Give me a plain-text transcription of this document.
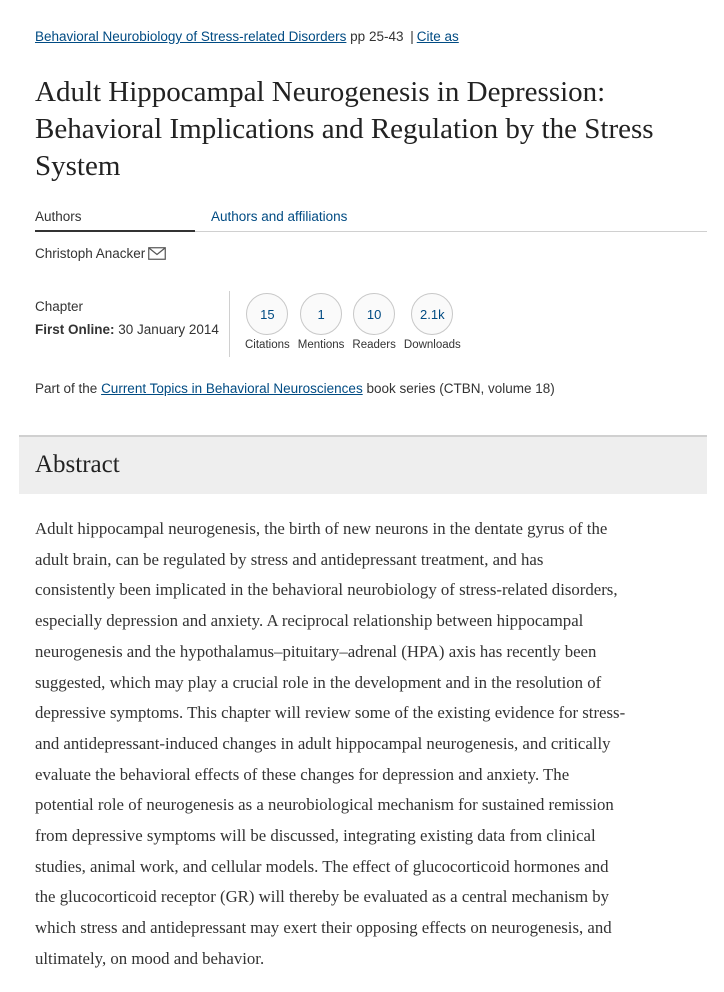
Behavioral Neurobiology of Stress-related Disorders pp 25-43 | Cite as
Adult Hippocampal Neurogenesis in Depression:
Behavioral Implications and Regulation by the Stress
System
Authors	Authors and affiliations
Christoph Anacker
Chapter
First Online: 30 January 2014
15
Citations
1
Mentions
10
Readers
2.1k
Downloads
Part of the Current Topics in Behavioral Neurosciences book series (CTBN, volume 18)
Abstract
Adult hippocampal neurogenesis, the birth of new neurons in the dentate gyrus of the
adult brain, can be regulated by stress and antidepressant treatment, and has
consistently been implicated in the behavioral neurobiology of stress-related disorders,
especially depression and anxiety. A reciprocal relationship between hippocampal
neurogenesis and the hypothalamus–pituitary–adrenal (HPA) axis has recently been
suggested, which may play a crucial role in the development and in the resolution of
depressive symptoms. This chapter will review some of the existing evidence for stress-
and antidepressant-induced changes in adult hippocampal neurogenesis, and critically
evaluate the behavioral effects of these changes for depression and anxiety. The
potential role of neurogenesis as a neurobiological mechanism for sustained remission
from depressive symptoms will be discussed, integrating existing data from clinical
studies, animal work, and cellular models. The effect of glucocorticoid hormones and
the glucocorticoid receptor (GR) will thereby be evaluated as a central mechanism by
which stress and antidepressant may exert their opposing effects on neurogenesis, and
ultimately, on mood and behavior.
